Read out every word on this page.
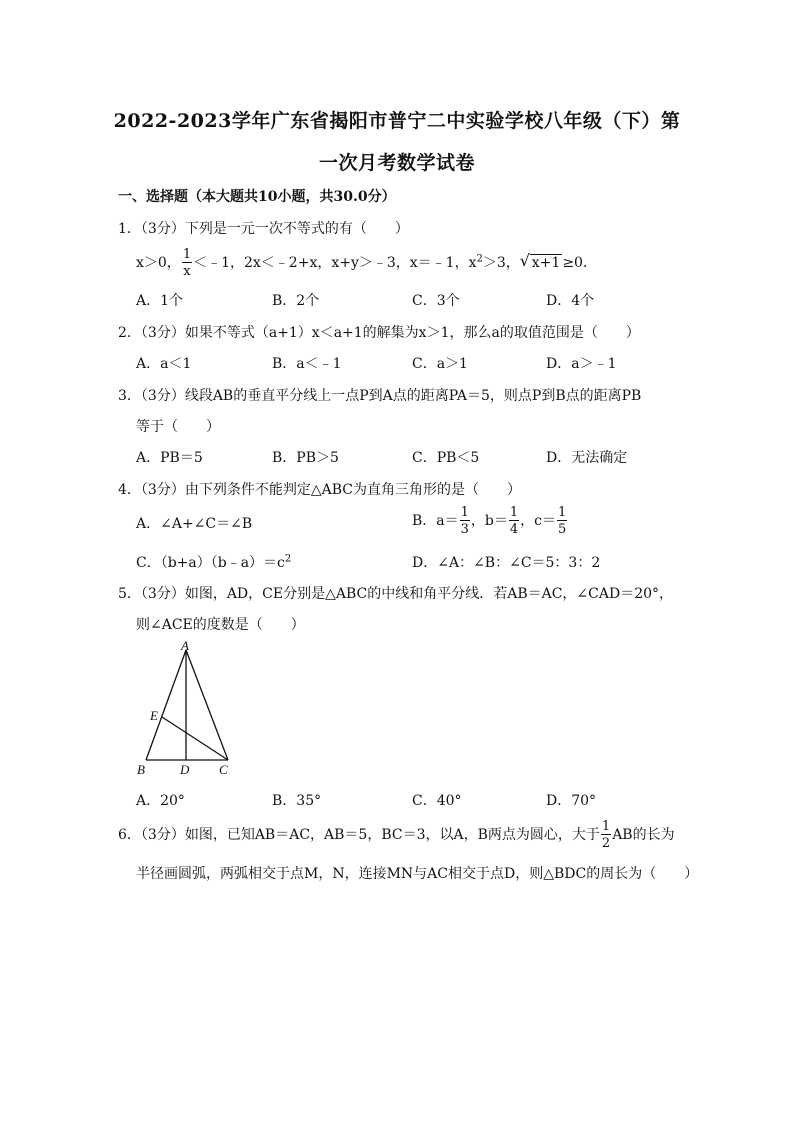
2022-2023学年广东省揭阳市普宁二中实验学校八年级（下）第
一次月考数学试卷
一、选择题（本大题共10小题，共30.0分）
1．（3分）下列是一元一次不等式的有（　　）
x＞0， $\frac{1}{x}$ ＜﹣1，2x＜﹣2+x，x+y＞﹣3，x＝﹣1，$x^2>3$， √ x+1 ≥0．
A．1个	B．2个	C．3个	D．4个
2．（3分）如果不等式（a+1）x＜a+1的解集为x＞1，那么a的取值范围是（　　）
A．a＜1	B．a＜﹣1	C．a＞1	D．a＞﹣1
3．（3分）线段AB的垂直平分线上一点P到A点的距离PA＝5，则点P到B点的距离PB
等于（　　）
A．PB＝5	B．PB＞5	C．PB＜5	D．无法确定
4．（3分）由下列条件不能判定△ABC为直角三角形的是（　　）
A．∠A+∠C＝∠B	B．$a= \frac{1}{3}$ ，$b= \frac{1}{4}$ ，$c= \frac{1}{5}$
C．$(b+a)(b﹣a)=c^2$	D．∠A：∠B：∠C＝5：3：2
5．（3分）如图，AD，CE分别是△ABC的中线和角平分线．若AB＝AC，∠CAD＝20°，
则∠ACE的度数是（　　）
A
B	D C
E
A．20°	B．35°	C．40°	D．70°
6．（3分）如图，已知AB＝AC，AB＝5，BC＝3，以A，B两点为圆心，大于 $\frac{1}{2}$ AB的长为
半径画圆弧，两弧相交于点M，N，连接MN与AC相交于点D，则△BDC的周长为（　　）
